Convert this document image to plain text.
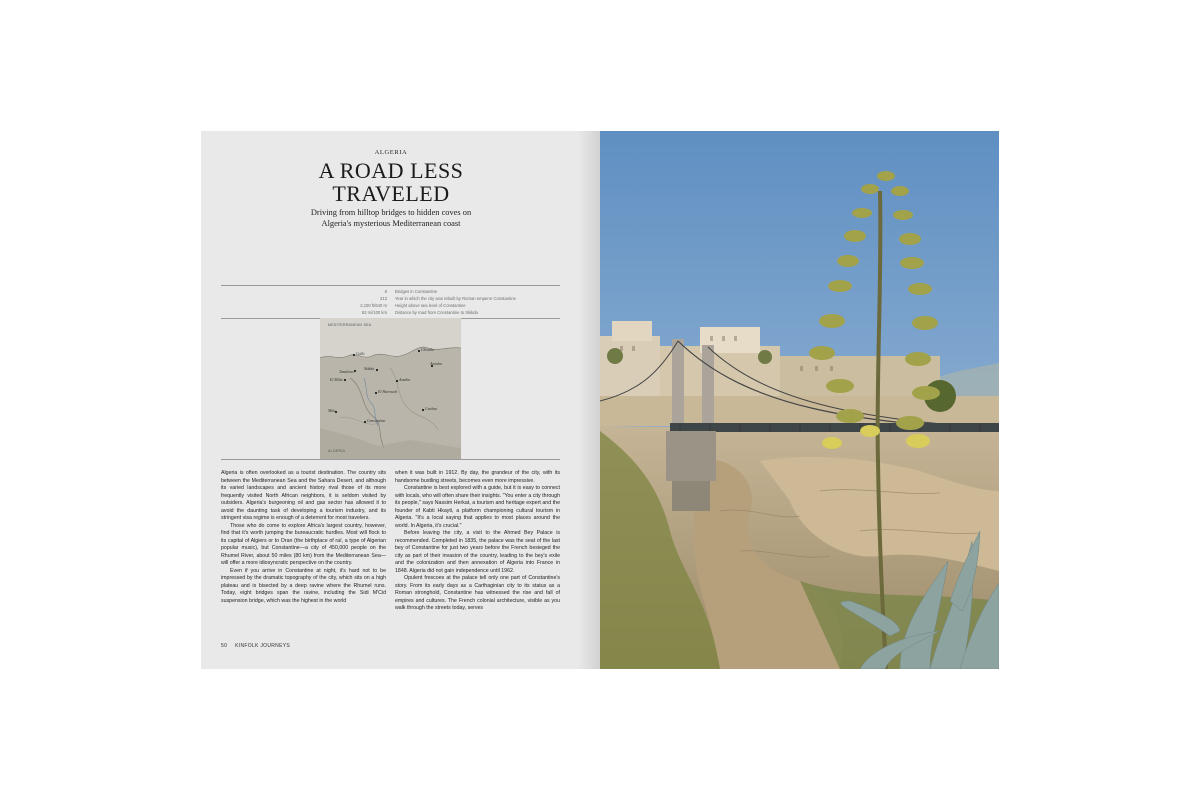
ALGERIA
A ROAD LESS
TRAVELED
Driving from hilltop bridges to hidden coves on
Algeria's mysterious Mediterranean coast
8	Bridges in Constantine
313	Year in which the city was rebuilt by Roman emperor Constantine
2,100 ft/640 m	Height above sea level of Constantine
62 mi/100 km	Distance by road from Constantine to Skikda
MEDITERRANEAN SEA
Collo
Chetaibi
Tamalous
Skikda
Annaba
El Milia	Azzaba
El Harrouch
Mila	Guelma
Constantine
ALGERIA

Algeria is often overlooked as a tourist destination. The country sits between the Mediterranean Sea and the Sahara Desert, and although its varied landscapes and ancient history rival those of its more frequently visited North African neighbors, it is seldom visited by outsiders. Algeria's burgeoning oil and gas sector has allowed it to avoid the daunting task of developing a tourism industry, and its stringent visa regime is enough of a deterrent for most travelers.

Those who do come to explore Africa's largest country, however, find that it's worth jumping the bureaucratic hurdles. Most will flock to its capital of Algiers or to Oran (the birthplace of raï, a type of Algerian popular music), but Constantine—a city of 450,000 people on the Rhumel River, about 50 miles (80 km) from the Mediterranean Sea—will offer a more idiosyncratic perspective on the country.

Even if you arrive in Constantine at night, it's hard not to be impressed by the dramatic topography of the city, which sits on a high plateau and is bisected by a deep ravine where the Rhumel runs. Today, eight bridges span the ravine, including the Sidi M'Cid suspension bridge, which was the highest in the world

when it was built in 1912. By day, the grandeur of the city, with its handsome bustling streets, becomes even more impressive.

Constantine is best explored with a guide, but it is easy to connect with locals, who will often share their insights. "You enter a city through its people," says Nassim Herkat, a tourism and heritage expert and the founder of Kabti Hkayti, a platform championing cultural tourism in Algeria. "It's a local saying that applies to most places around the world. In Algeria, it's crucial."

Before leaving the city, a visit to the Ahmed Bey Palace is recommended. Completed in 1835, the palace was the seat of the last bey of Constantine for just two years before the French besieged the city as part of their invasion of the country, leading to the bey's exile and the colonization and then annexation of Algeria into France in 1848. Algeria did not gain independence until 1962.

Opulent frescoes at the palace tell only one part of Constantine's story. From its early days as a Carthaginian city to its status as a Roman stronghold, Constantine has witnessed the rise and fall of empires and cultures. The French colonial architecture, visible as you walk through the streets today, serves

50 KINFOLK JOURNEYS
